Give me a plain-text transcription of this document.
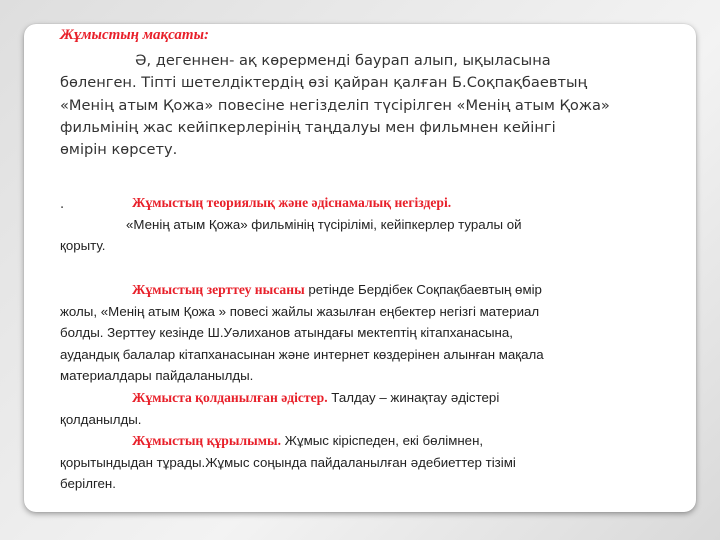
Жұмыстың мақсаты:

Ә, дегеннен- ақ көрерменді баурап алып, ықыласына
бөленген. Тіпті шетелдіктердің өзі қайран қалған Б.Соқпақбаевтың
«Менің атым Қожа» повесіне негізделіп түсірілген «Менің атым Қожа»
фильмінің жас кейіпкерлерінің таңдалуы мен фильмнен кейінгі
өмірін көрсету.

.	Жұмыстың теориялық және әдіснамалық негіздері.
«Менің атым Қожа» фильмінің түсірілімі, кейіпкерлер туралы ой
қорыту.

Жұмыстың зерттеу нысаны ретінде Бердібек Соқпақбаевтың өмір
жолы, «Менің атым Қожа » повесі жайлы жазылған еңбектер негізгі материал
болды. Зерттеу кезінде Ш.Уәлиханов атындағы мектептің кітапханасына,
аудандық балалар кітапханасынан және интернет көздерінен алынған мақала
материалдары пайдаланылды.

Жұмыста қолданылған әдістер. Талдау – жинақтау әдістері
қолданылды.

Жұмыстың құрылымы. Жұмыс кіріспеден, екі бөлімнен,
қорытындыдан тұрады.Жұмыс соңында пайдаланылған әдебиеттер тізімі
берілген.
